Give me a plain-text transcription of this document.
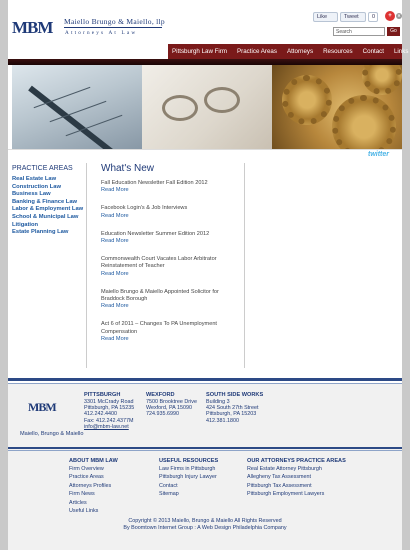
MBM Maiello Brungo & Maiello, llp
Attorneys At Law
Like	Tweet	0	+	✕
Search
Go
Pittsburgh Law Firm	Practice Areas	Attorneys	Resources	Contact	Links
twitter
PRACTICE AREAS
Real Estate Law
Construction Law
Business Law
Banking & Finance Law
Labor & Employment Law
School & Municipal Law
Litigation
Estate Planning Law
What's New
Fall Education Newsletter Fall Edition 2012
Read More
Facebook Login's & Job Interviews
Read More
Education Newsletter Summer Edition 2012
Read More
Commonwealth Court Vacates Labor Arbitrator Reinstatement of Teacher
Read More
Maiello Brungo & Maiello Appointed Solicitor for Braddock Borough
Read More
Act 6 of 2011 – Changes To PA Unemployment Compensation
Read More
MBM
Maiello, Brungo & Maiello
PITTSBURGH
3301 McCrady Road
Pittsburgh, PA 15235
412.242.4400
Fax: 412.242.4377M
info@mbm-law.net
WEXFORD
7500 Brooktree Drive
Wexford, PA 15090
724.935.6990
SOUTH SIDE WORKS
Building 3
424 South 27th Street
Pittsburgh, PA 15203
412.381.1800
ABOUT MBM LAW
Firm Overview
Practice Areas
Attorneys Profiles
Firm News
Articles
Useful Links
USEFUL RESOURCES
Law Firms in Pittsburgh
Pittsburgh Injury Lawyer
Contact
Sitemap
OUR ATTORNEYS PRACTICE AREAS
Real Estate Attorney Pittsburgh
Allegheny Tax Assessment
Pittsburgh Tax Assessment
Pittsburgh Employment Lawyers
Copyright © 2013 Maiello, Brungo & Maiello All Rights Reserved
By Boomtown Internet Group : A Web Design Philadelphia Company
